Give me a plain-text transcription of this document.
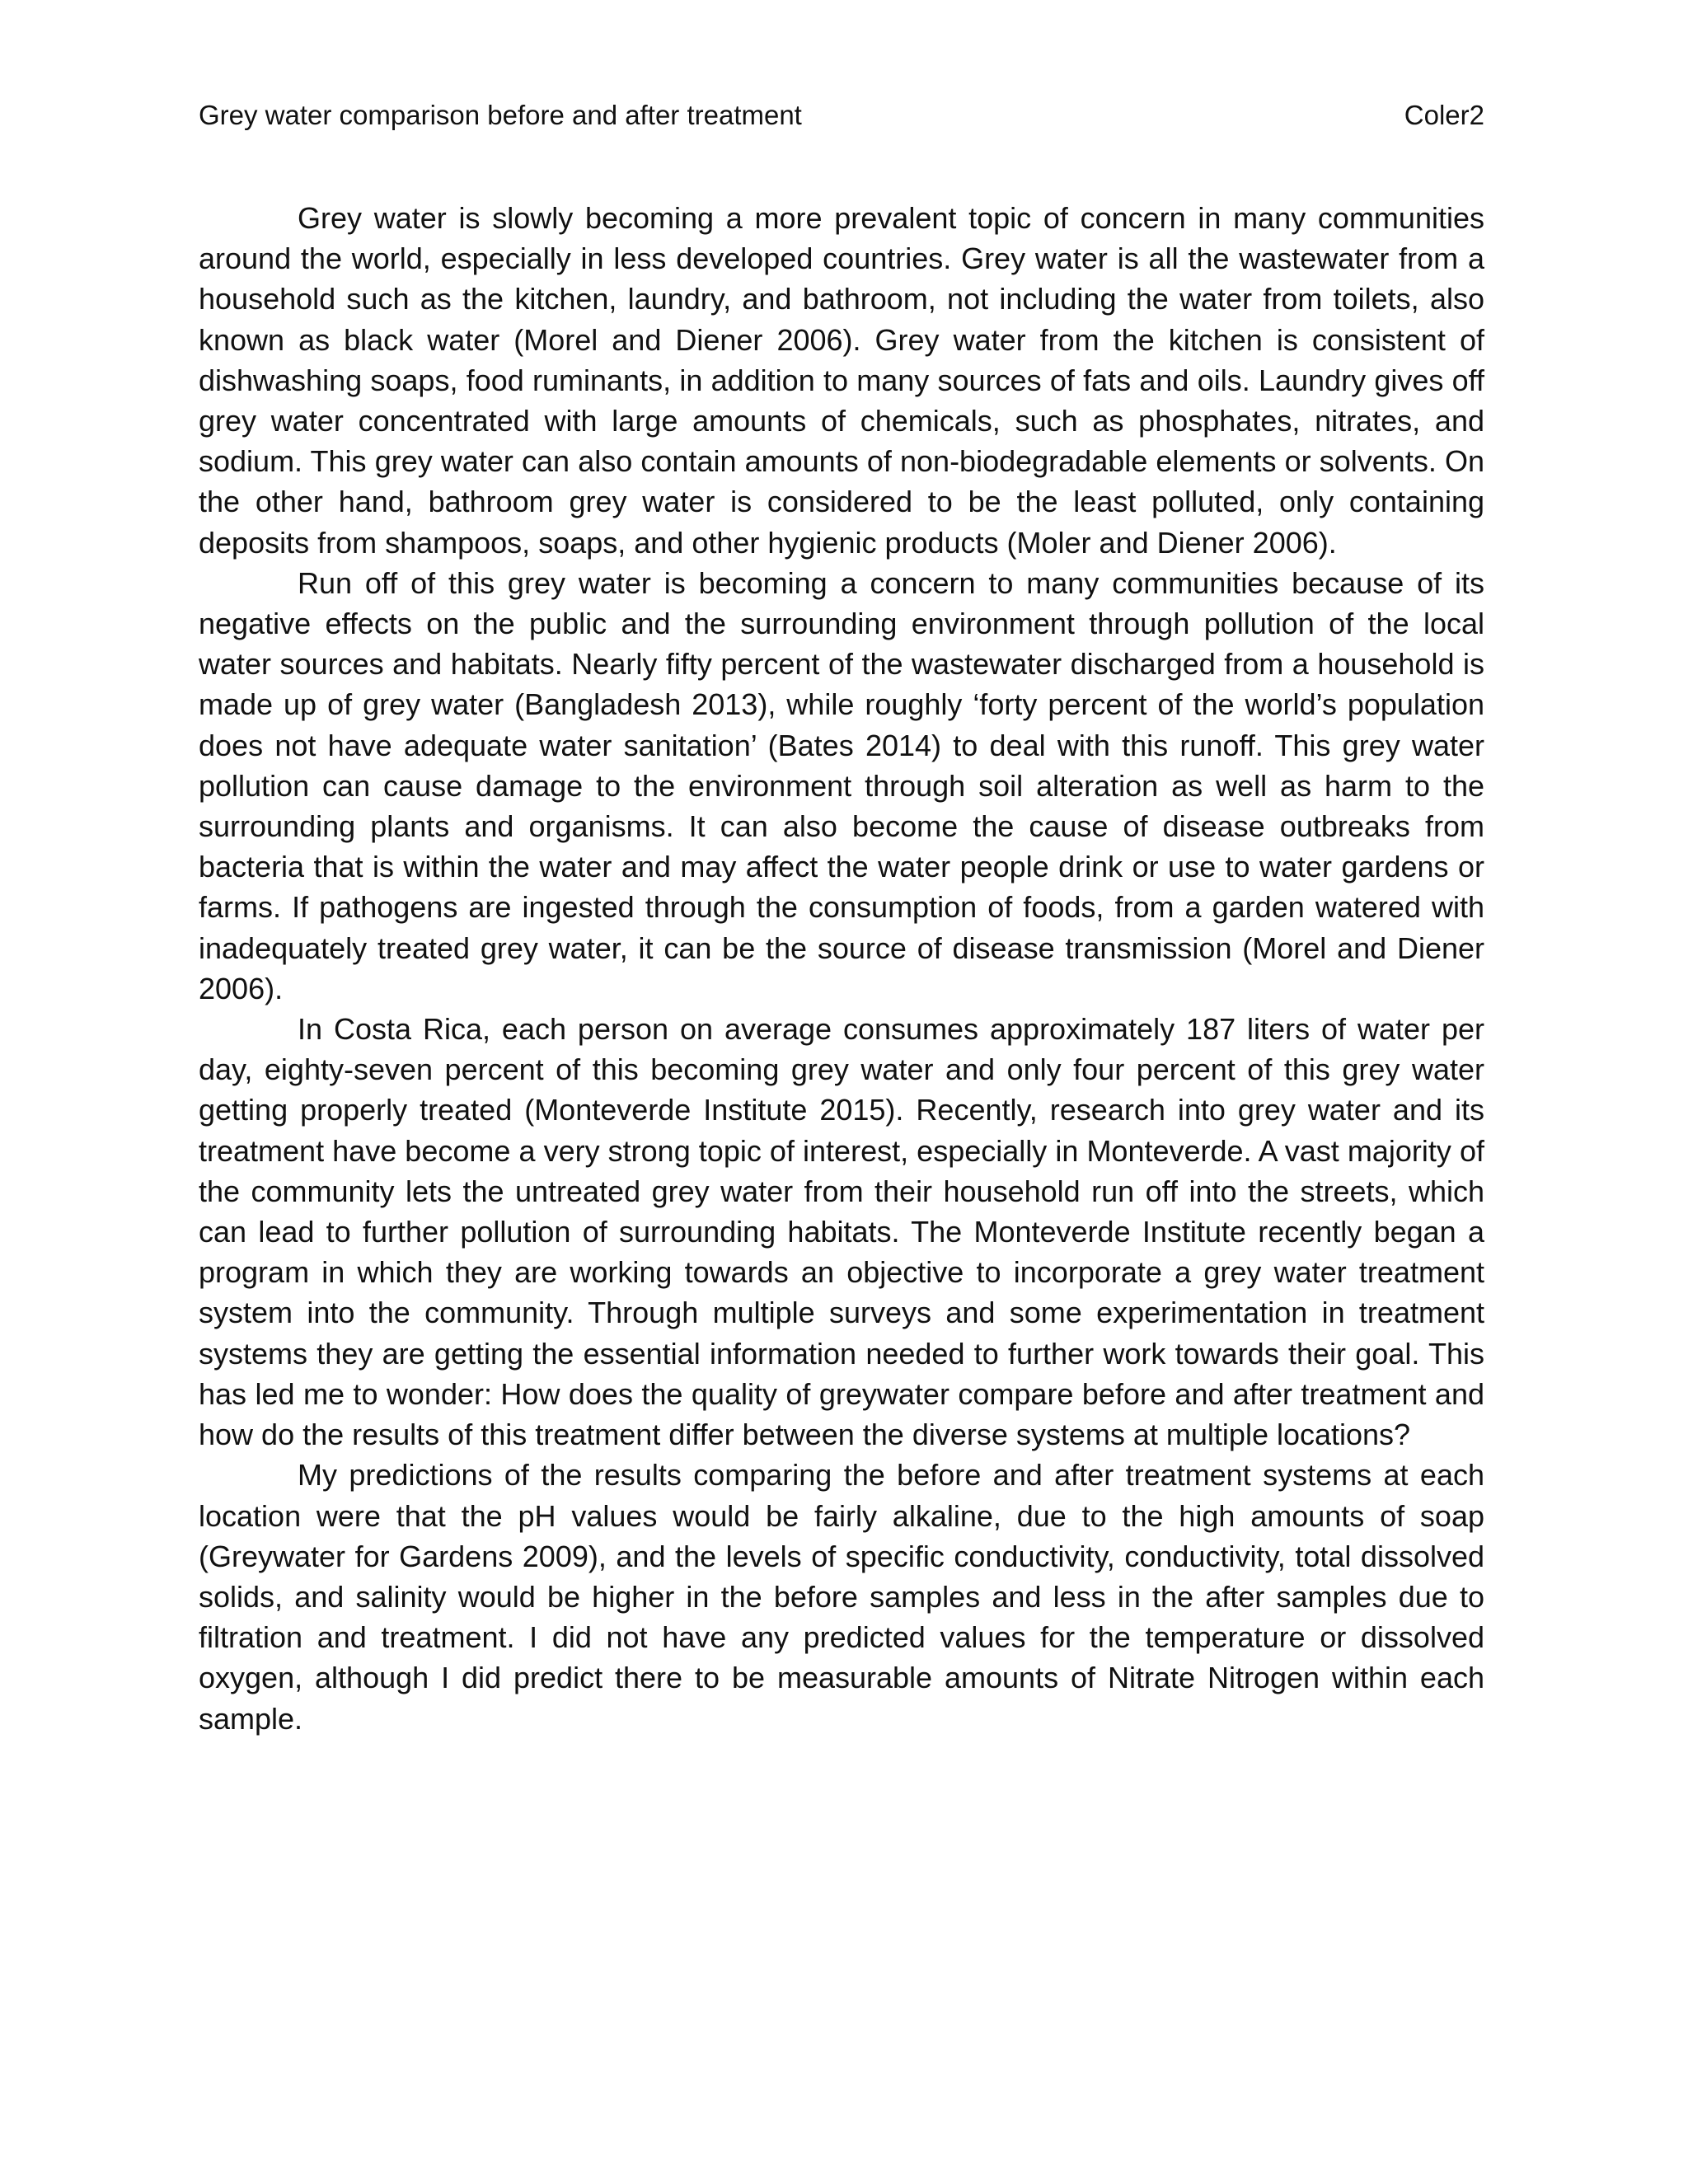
Grey water comparison before and after treatment	Coler2

Grey water is slowly becoming a more prevalent topic of concern in many communities around the world, especially in less developed countries. Grey water is all the wastewater from a household such as the kitchen, laundry, and bathroom, not including the water from toilets, also known as black water (Morel and Diener 2006). Grey water from the kitchen is consistent of dishwashing soaps, food ruminants, in addition to many sources of fats and oils. Laundry gives off grey water concentrated with large amounts of chemicals, such as phosphates, nitrates, and sodium. This grey water can also contain amounts of non-biodegradable elements or solvents. On the other hand, bathroom grey water is considered to be the least polluted, only containing deposits from shampoos, soaps, and other hygienic products (Moler and Diener 2006).

Run off of this grey water is becoming a concern to many communities because of its negative effects on the public and the surrounding environment through pollution of the local water sources and habitats. Nearly fifty percent of the wastewater discharged from a household is made up of grey water (Bangladesh 2013), while roughly ‘forty percent of the world’s population does not have adequate water sanitation’ (Bates 2014) to deal with this runoff. This grey water pollution can cause damage to the environment through soil alteration as well as harm to the surrounding plants and organisms. It can also become the cause of disease outbreaks from bacteria that is within the water and may affect the water people drink or use to water gardens or farms. If pathogens are ingested through the consumption of foods, from a garden watered with inadequately treated grey water, it can be the source of disease transmission (Morel and Diener 2006).

In Costa Rica, each person on average consumes approximately 187 liters of water per day, eighty-seven percent of this becoming grey water and only four percent of this grey water getting properly treated (Monteverde Institute 2015). Recently, research into grey water and its treatment have become a very strong topic of interest, especially in Monteverde. A vast majority of the community lets the untreated grey water from their household run off into the streets, which can lead to further pollution of surrounding habitats. The Monteverde Institute recently began a program in which they are working towards an objective to incorporate a grey water treatment system into the community. Through multiple surveys and some experimentation in treatment systems they are getting the essential information needed to further work towards their goal. This has led me to wonder: How does the quality of greywater compare before and after treatment and how do the results of this treatment differ between the diverse systems at multiple locations?

My predictions of the results comparing the before and after treatment systems at each location were that the pH values would be fairly alkaline, due to the high amounts of soap (Greywater for Gardens 2009), and the levels of specific conductivity, conductivity, total dissolved solids, and salinity would be higher in the before samples and less in the after samples due to filtration and treatment. I did not have any predicted values for the temperature or dissolved oxygen, although I did predict there to be measurable amounts of Nitrate Nitrogen within each sample.
